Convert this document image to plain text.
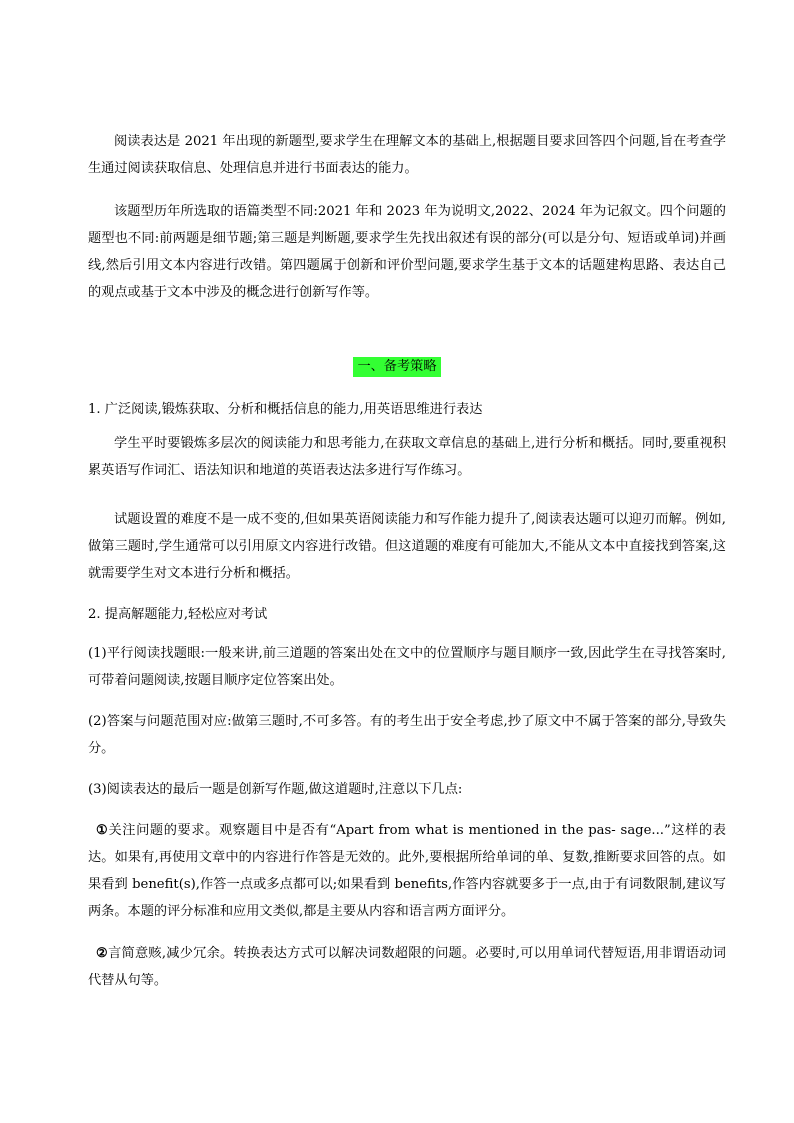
阅读表达是 2021 年出现的新题型,要求学生在理解文本的基础上,根据题目要求回答四个问题,旨在考查学生通过阅读获取信息、处理信息并进行书面表达的能力。

该题型历年所选取的语篇类型不同:2021 年和 2023 年为说明文,2022、2024 年为记叙文。四个问题的题型也不同:前两题是细节题;第三题是判断题,要求学生先找出叙述有误的部分(可以是分句、短语或单词)并画线,然后引用文本内容进行改错。第四题属于创新和评价型问题,要求学生基于文本的话题建构思路、表达自己的观点或基于文本中涉及的概念进行创新写作等。

一、备考策略

1. 广泛阅读,锻炼获取、分析和概括信息的能力,用英语思维进行表达

学生平时要锻炼多层次的阅读能力和思考能力,在获取文章信息的基础上,进行分析和概括。同时,要重视积累英语写作词汇、语法知识和地道的英语表达法多进行写作练习。

试题设置的难度不是一成不变的,但如果英语阅读能力和写作能力提升了,阅读表达题可以迎刃而解。例如,做第三题时,学生通常可以引用原文内容进行改错。但这道题的难度有可能加大,不能从文本中直接找到答案,这就需要学生对文本进行分析和概括。

2. 提高解题能力,轻松应对考试

(1)平行阅读找题眼:一般来讲,前三道题的答案出处在文中的位置顺序与题目顺序一致,因此学生在寻找答案时,可带着问题阅读,按题目顺序定位答案出处。

(2)答案与问题范围对应:做第三题时,不可多答。有的考生出于安全考虑,抄了原文中不属于答案的部分,导致失分。

(3)阅读表达的最后一题是创新写作题,做这道题时,注意以下几点:

①关注问题的要求。观察题目中是否有“Apart from what is mentioned in the pas- sage...”这样的表达。如果有,再使用文章中的内容进行作答是无效的。此外,要根据所给单词的单、复数,推断要求回答的点。如果看到 benefit(s),作答一点或多点都可以;如果看到 benefits,作答内容就要多于一点,由于有词数限制,建议写两条。本题的评分标准和应用文类似,都是主要从内容和语言两方面评分。

②言简意赅,减少冗余。转换表达方式可以解决词数超限的问题。必要时,可以用单词代替短语,用非谓语动词代替从句等。
